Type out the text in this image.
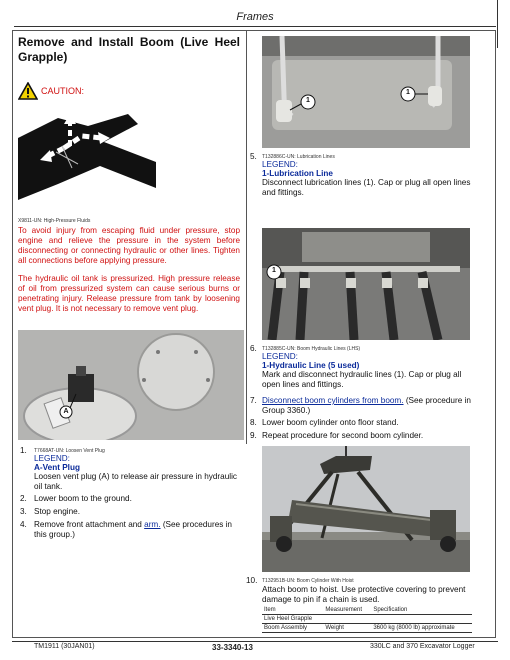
Frames
Remove and Install Boom (Live Heel Grapple)
CAUTION:
X9811-UN: High-Pressure Fluids
To avoid injury from escaping fluid under pressure, stop engine and relieve the pressure in the system before disconnecting or connecting hydraulic or other lines. Tighten all connections before applying pressure.
The hydraulic oil tank is pressurized. High pressure release of oil from pressurized system can cause serious burns or penetrating injury. Release pressure from tank by loosening vent plug. It is not necessary to remove vent plug.
A
1. T7668AT-UN: Loosen Vent Plug
LEGEND:
A-Vent Plug
Loosen vent plug (A) to release air pressure in hydraulic oil tank.
2. Lower boom to the ground.
3. Stop engine.
4. Remove front attachment and arm. (See procedures in this group.)
1
1
5. T132886C-UN: Lubrication Lines
LEGEND:
1-Lubrication Line
Disconnect lubrication lines (1). Cap or plug all open lines and fittings.
1
6. T132885C-UN: Boom Hydraulic Lines (LHS)
LEGEND:
1-Hydraulic Line (5 used)
Mark and disconnect hydraulic lines (1). Cap or plug all open lines and fittings.
7. Disconnect boom cylinders from boom. (See procedure in Group 3360.)
8. Lower boom cylinder onto floor stand.
9. Repeat procedure for second boom cylinder.
10. T132951B-UN: Boom Cylinder With Hoist
Attach boom to hoist. Use protective covering to prevent damage to pin if a chain is used.
Item	Measurement	Specification
Live Heel Grapple		
Boom Assembly	Weight	3600 kg (8000 lb) approximate
TM1911 (30JAN01)	33-3340-13	330LC and 370 Excavator Logger
